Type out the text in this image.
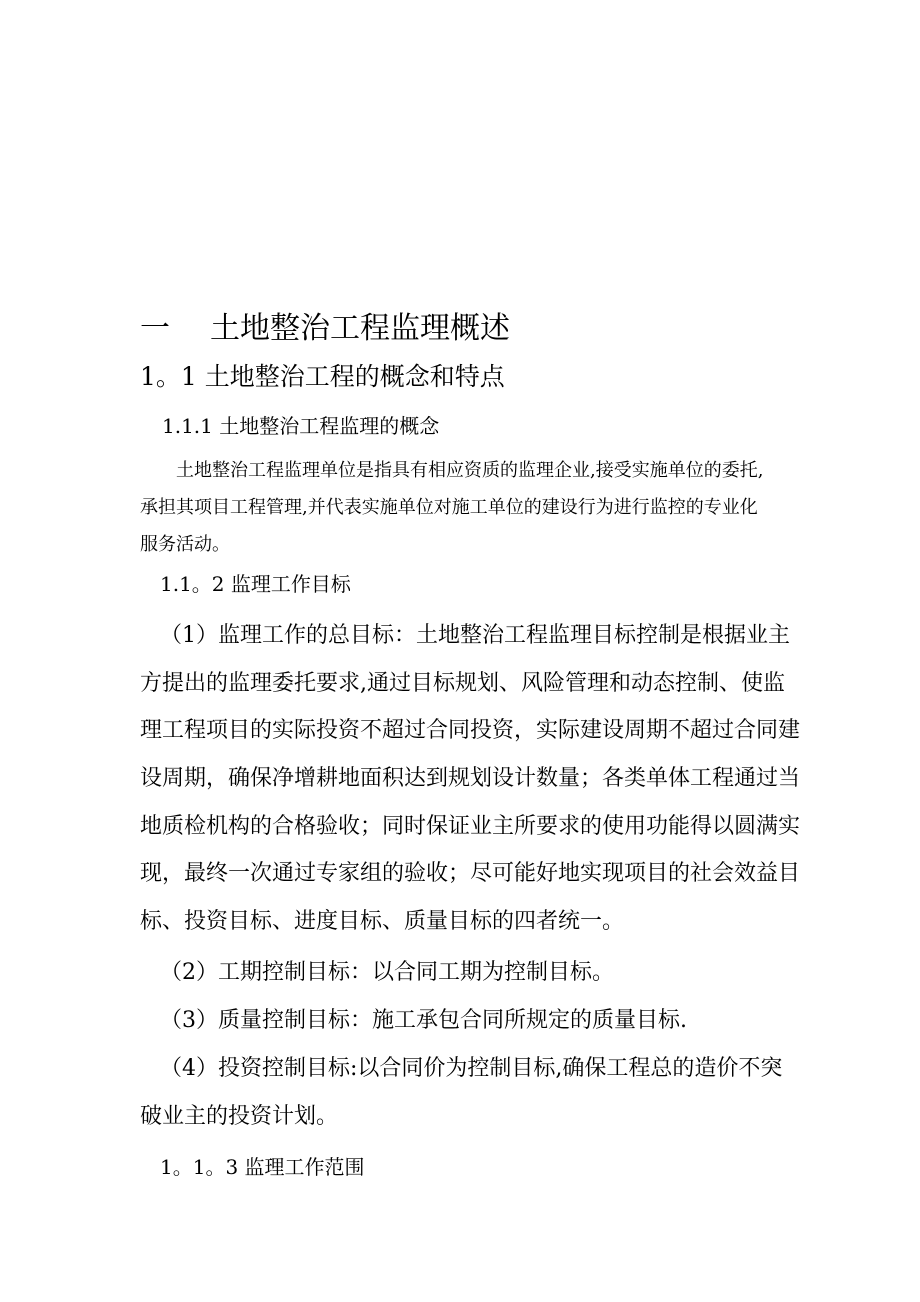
一 土地整治工程监理概述
1。1 土地整治工程的概念和特点
1.1.1 土地整治工程监理的概念
土地整治工程监理单位是指具有相应资质的监理企业,接受实施单位的委托,
承担其项目工程管理,并代表实施单位对施工单位的建设行为进行监控的专业化
服务活动。
1.1。2 监理工作目标
（1）监理工作的总目标：土地整治工程监理目标控制是根据业主
方提出的监理委托要求,通过目标规划、风险管理和动态控制、使监
理工程项目的实际投资不超过合同投资，实际建设周期不超过合同建
设周期，确保净增耕地面积达到规划设计数量；各类单体工程通过当
地质检机构的合格验收；同时保证业主所要求的使用功能得以圆满实
现，最终一次通过专家组的验收；尽可能好地实现项目的社会效益目
标、投资目标、进度目标、质量目标的四者统一。
（2）工期控制目标：以合同工期为控制目标。
（3）质量控制目标：施工承包合同所规定的质量目标.
（4）投资控制目标:以合同价为控制目标,确保工程总的造价不突
破业主的投资计划。
1。1。3 监理工作范围
